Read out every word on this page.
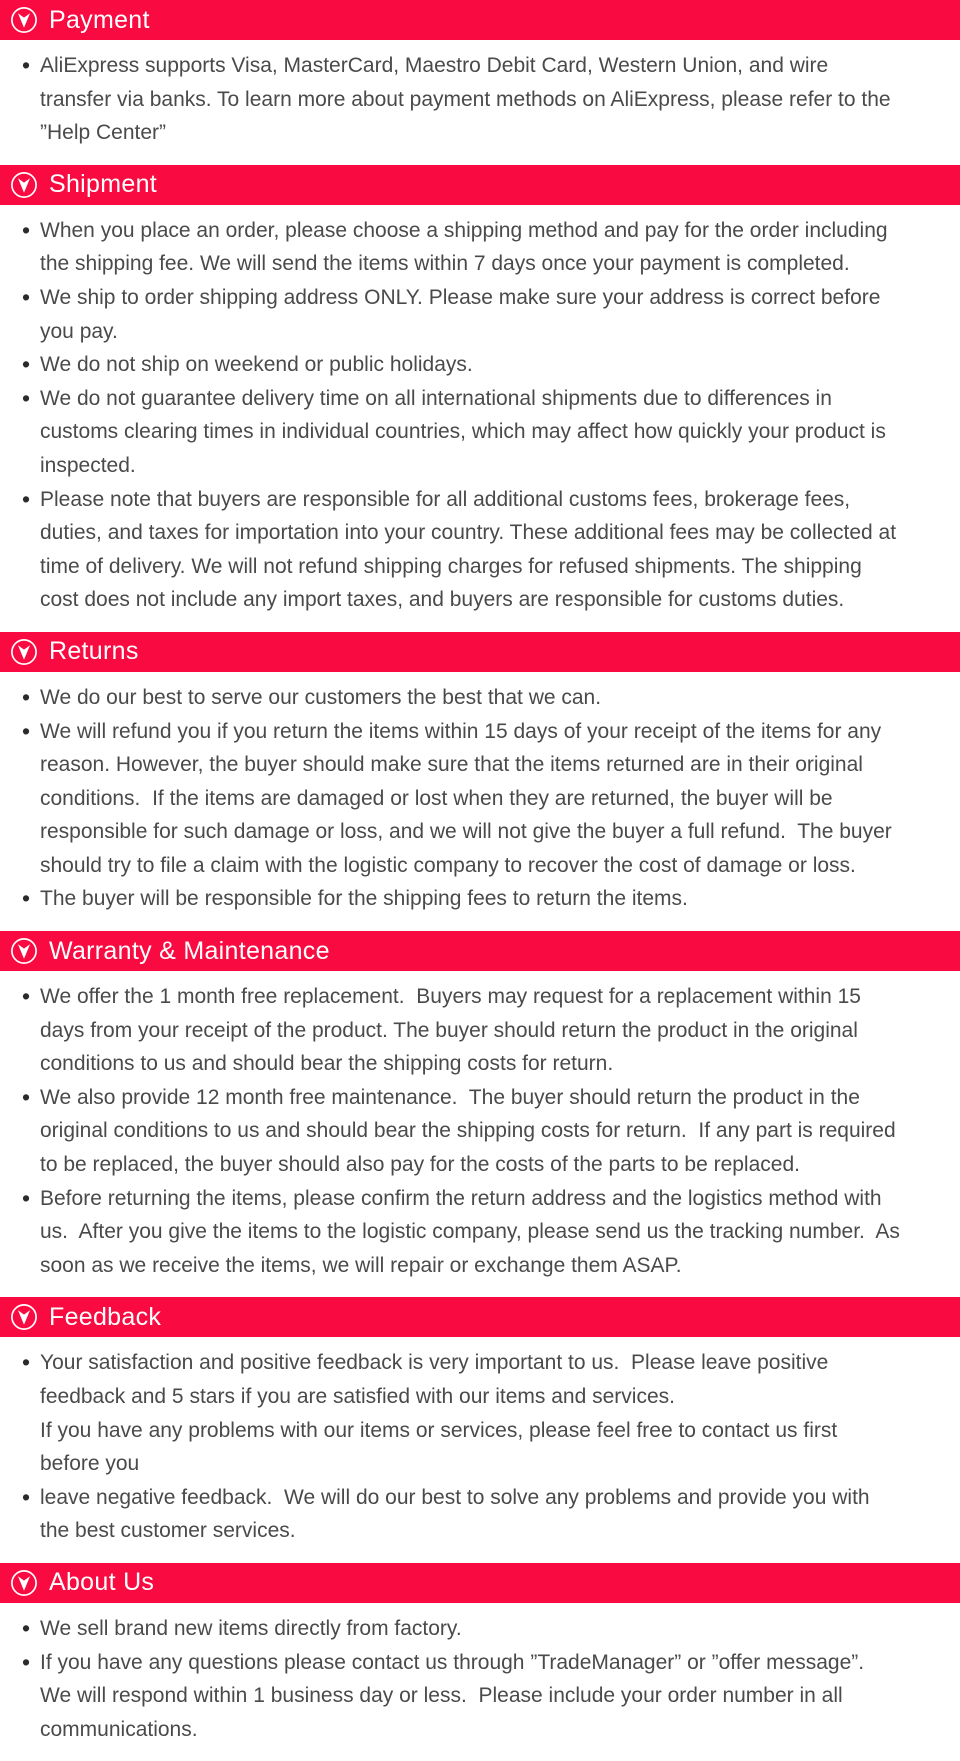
Payment
• AliExpress supports Visa, MasterCard, Maestro Debit Card, Western Union, and wire transfer via banks. To learn more about payment methods on AliExpress, please refer to the ”Help Center”
Shipment
• When you place an order, please choose a shipping method and pay for the order including the shipping fee. We will send the items within 7 days once your payment is completed.
• We ship to order shipping address ONLY. Please make sure your address is correct before you pay.
• We do not ship on weekend or public holidays.
• We do not guarantee delivery time on all international shipments due to differences in customs clearing times in individual countries, which may affect how quickly your product is inspected.
• Please note that buyers are responsible for all additional customs fees, brokerage fees, duties, and taxes for importation into your country. These additional fees may be collected at time of delivery. We will not refund shipping charges for refused shipments. The shipping cost does not include any import taxes, and buyers are responsible for customs duties.
Returns
• We do our best to serve our customers the best that we can.
• We will refund you if you return the items within 15 days of your receipt of the items for any reason. However, the buyer should make sure that the items returned are in their original conditions.  If the items are damaged or lost when they are returned, the buyer will be responsible for such damage or loss, and we will not give the buyer a full refund.  The buyer should try to file a claim with the logistic company to recover the cost of damage or loss.
• The buyer will be responsible for the shipping fees to return the items.
Warranty & Maintenance
• We offer the 1 month free replacement.  Buyers may request for a replacement within 15 days from your receipt of the product. The buyer should return the product in the original conditions to us and should bear the shipping costs for return.
• We also provide 12 month free maintenance.  The buyer should return the product in the original conditions to us and should bear the shipping costs for return.  If any part is required to be replaced, the buyer should also pay for the costs of the parts to be replaced.
• Before returning the items, please confirm the return address and the logistics method with us.  After you give the items to the logistic company, please send us the tracking number.  As soon as we receive the items, we will repair or exchange them ASAP.
Feedback
• Your satisfaction and positive feedback is very important to us.  Please leave positive feedback and 5 stars if you are satisfied with our items and services.
If you have any problems with our items or services, please feel free to contact us first before you
• leave negative feedback.  We will do our best to solve any problems and provide you with the best customer services.
About Us
• We sell brand new items directly from factory.
• If you have any questions please contact us through ”TradeManager” or ”offer message”.  We will respond within 1 business day or less.  Please include your order number in all communications.
